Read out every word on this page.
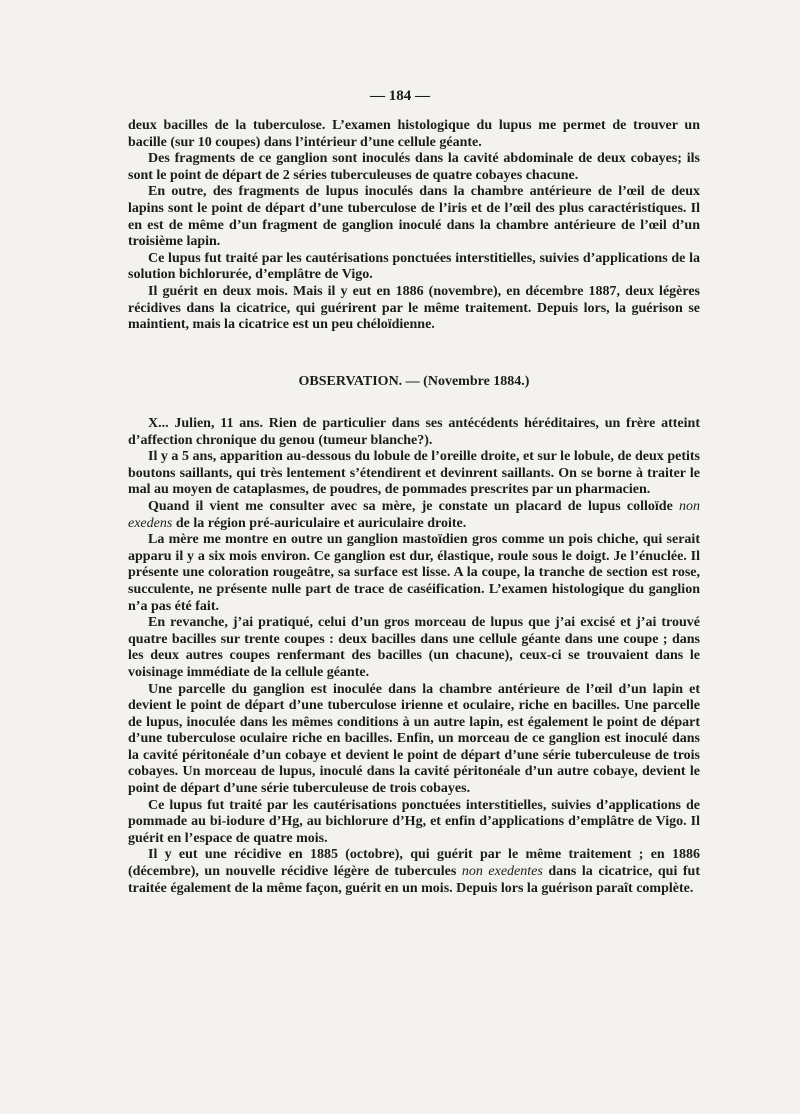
— 184 —

deux bacilles de la tuberculose. L’examen histologique du lupus me permet de trouver un bacille (sur 10 coupes) dans l’intérieur d’une cellule géante.

Des fragments de ce ganglion sont inoculés dans la cavité abdominale de deux cobayes; ils sont le point de départ de 2 séries tuberculeuses de quatre cobayes chacune.

En outre, des fragments de lupus inoculés dans la chambre antérieure de l’œil de deux lapins sont le point de départ d’une tuberculose de l’iris et de l’œil des plus caractéristiques. Il en est de même d’un fragment de ganglion inoculé dans la chambre antérieure de l’œil d’un troisième lapin.

Ce lupus fut traité par les cautérisations ponctuées interstitielles, suivies d’applications de la solution bichlorurée, d’emplâtre de Vigo.

Il guérit en deux mois. Mais il y eut en 1886 (novembre), en décembre 1887, deux légères récidives dans la cicatrice, qui guérirent par le même traitement. Depuis lors, la guérison se maintient, mais la cicatrice est un peu chéloïdienne.

OBSERVATION. — (Novembre 1884.)

X... Julien, 11 ans. Rien de particulier dans ses antécédents héréditaires, un frère atteint d’affection chronique du genou (tumeur blanche?).

Il y a 5 ans, apparition au-dessous du lobule de l’oreille droite, et sur le lobule, de deux petits boutons saillants, qui très lentement s’étendirent et devinrent saillants. On se borne à traiter le mal au moyen de cataplasmes, de poudres, de pommades prescrites par un pharmacien.

Quand il vient me consulter avec sa mère, je constate un placard de lupus colloïde non exedens de la région pré-auriculaire et auriculaire droite.

La mère me montre en outre un ganglion mastoïdien gros comme un pois chiche, qui serait apparu il y a six mois environ. Ce ganglion est dur, élastique, roule sous le doigt. Je l’énuclée. Il présente une coloration rougeâtre, sa surface est lisse. A la coupe, la tranche de section est rose, succulente, ne présente nulle part de trace de caséification. L’examen histologique du ganglion n’a pas été fait.

En revanche, j’ai pratiqué, celui d’un gros morceau de lupus que j’ai excisé et j’ai trouvé quatre bacilles sur trente coupes : deux bacilles dans une cellule géante dans une coupe ; dans les deux autres coupes renfermant des bacilles (un chacune), ceux-ci se trouvaient dans le voisinage immédiate de la cellule géante.

Une parcelle du ganglion est inoculée dans la chambre antérieure de l’œil d’un lapin et devient le point de départ d’une tuberculose irienne et oculaire, riche en bacilles. Une parcelle de lupus, inoculée dans les mêmes conditions à un autre lapin, est également le point de départ d’une tuberculose oculaire riche en bacilles. Enfin, un morceau de ce ganglion est inoculé dans la cavité péritonéale d’un cobaye et devient le point de départ d’une série tuberculeuse de trois cobayes. Un morceau de lupus, inoculé dans la cavité péritonéale d’un autre cobaye, devient le point de départ d’une série tuberculeuse de trois cobayes.

Ce lupus fut traité par les cautérisations ponctuées interstitielles, suivies d’applications de pommade au bi-iodure d’Hg, au bichlorure d’Hg, et enfin d’applications d’emplâtre de Vigo. Il guérit en l’espace de quatre mois.

Il y eut une récidive en 1885 (octobre), qui guérit par le même traitement ; en 1886 (décembre), un nouvelle récidive légère de tubercules non exedentes dans la cicatrice, qui fut traitée également de la même façon, guérit en un mois. Depuis lors la guérison paraît complète.
